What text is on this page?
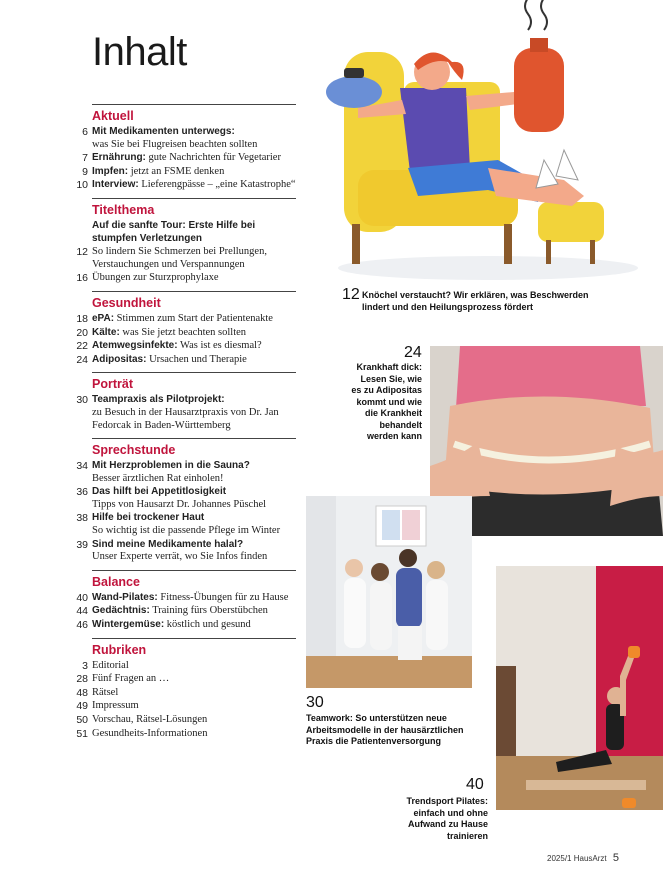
Inhalt
Aktuell
6 Mit Medikamenten unterwegs:
was Sie bei Flugreisen beachten sollten
7 Ernährung: gute Nachrichten für Vegetarier
9 Impfen: jetzt an FSME denken
10 Interview: Lieferengpässe – „eine Katastrophe“
Titelthema
Auf die sanfte Tour: Erste Hilfe bei stumpfen Verletzungen
12 So lindern Sie Schmerzen bei Prellungen, Verstauchungen und Verspannungen
16 Übungen zur Sturzprophylaxe
Gesundheit
18 ePA: Stimmen zum Start der Patientenakte
20 Kälte: was Sie jetzt beachten sollten
22 Atemwegsinfekte: Was ist es diesmal?
24 Adipositas: Ursachen und Therapie
Porträt
30 Teampraxis als Pilotprojekt:
zu Besuch in der Hausarztpraxis von Dr. Jan Fedorcak in Baden-Württemberg
Sprechstunde
34 Mit Herzproblemen in die Sauna?
Besser ärztlichen Rat einholen!
36 Das hilft bei Appetitlosigkeit
Tipps von Hausarzt Dr. Johannes Püschel
38 Hilfe bei trockener Haut
So wichtig ist die passende Pflege im Winter
39 Sind meine Medikamente halal?
Unser Experte verrät, wo Sie Infos finden
Balance
40 Wand-Pilates: Fitness-Übungen für zu Hause
44 Gedächtnis: Training fürs Oberstübchen
46 Wintergemüse: köstlich und gesund
Rubriken
3 Editorial
28 Fünf Fragen an …
48 Rätsel
49 Impressum
50 Vorschau, Rätsel-Lösungen
51 Gesundheits-Informationen
12 Knöchel verstaucht? Wir erklären, was Beschwerden lindert und den Heilungsprozess fördert
24
Krankhaft dick: Lesen Sie, wie es zu Adipositas kommt und wie die Krankheit behandelt werden kann
30
Teamwork: So unterstützen neue Arbeitsmodelle in der hausärztlichen Praxis die Patientenversorgung
40
Trendsport Pilates: einfach und ohne Aufwand zu Hause trainieren
2025/1 HausArzt 5
